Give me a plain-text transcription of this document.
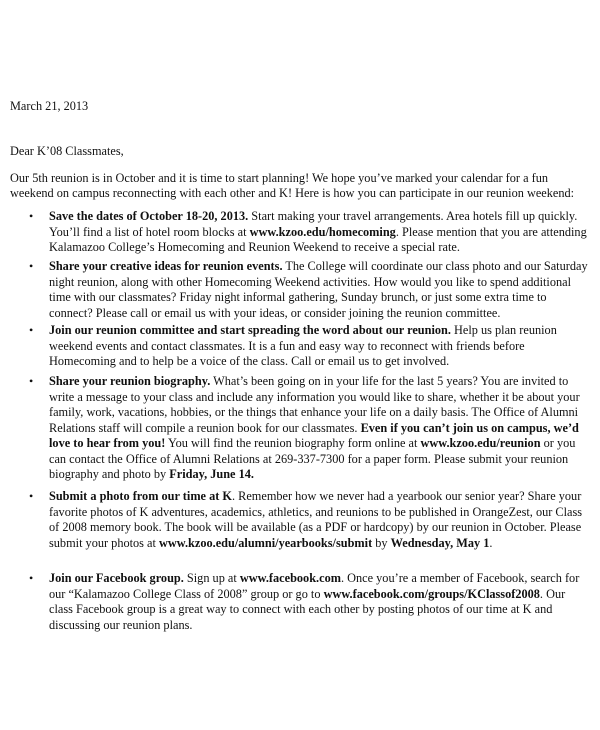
March 21, 2013

Dear K’08 Classmates,

Our 5th reunion is in October and it is time to start planning! We hope you’ve marked your calendar for a fun weekend on campus reconnecting with each other and K! Here is how you can participate in our reunion weekend:

• Save the dates of October 18-20, 2013. Start making your travel arrangements. Area hotels fill up quickly. You’ll find a list of hotel room blocks at www.kzoo.edu/homecoming. Please mention that you are attending Kalamazoo College’s Homecoming and Reunion Weekend to receive a special rate.

• Share your creative ideas for reunion events. The College will coordinate our class photo and our Saturday night reunion, along with other Homecoming Weekend activities. How would you like to spend additional time with our classmates? Friday night informal gathering, Sunday brunch, or just some extra time to connect? Please call or email us with your ideas, or consider joining the reunion committee.

• Join our reunion committee and start spreading the word about our reunion. Help us plan reunion weekend events and contact classmates. It is a fun and easy way to reconnect with friends before Homecoming and to help be a voice of the class. Call or email us to get involved.

• Share your reunion biography. What’s been going on in your life for the last 5 years? You are invited to write a message to your class and include any information you would like to share, whether it be about your family, work, vacations, hobbies, or the things that enhance your life on a daily basis. The Office of Alumni Relations staff will compile a reunion book for our classmates. Even if you can’t join us on campus, we’d love to hear from you! You will find the reunion biography form online at www.kzoo.edu/reunion or you can contact the Office of Alumni Relations at 269-337-7300 for a paper form. Please submit your reunion biography and photo by Friday, June 14.

• Submit a photo from our time at K. Remember how we never had a yearbook our senior year? Share your favorite photos of K adventures, academics, athletics, and reunions to be published in OrangeZest, our Class of 2008 memory book. The book will be available (as a PDF or hardcopy) by our reunion in October. Please submit your photos at www.kzoo.edu/alumni/yearbooks/submit by Wednesday, May 1.

• Join our Facebook group. Sign up at www.facebook.com. Once you’re a member of Facebook, search for our “Kalamazoo College Class of 2008” group or go to www.facebook.com/groups/KClassof2008. Our class Facebook group is a great way to connect with each other by posting photos of our time at K and discussing our reunion plans.
